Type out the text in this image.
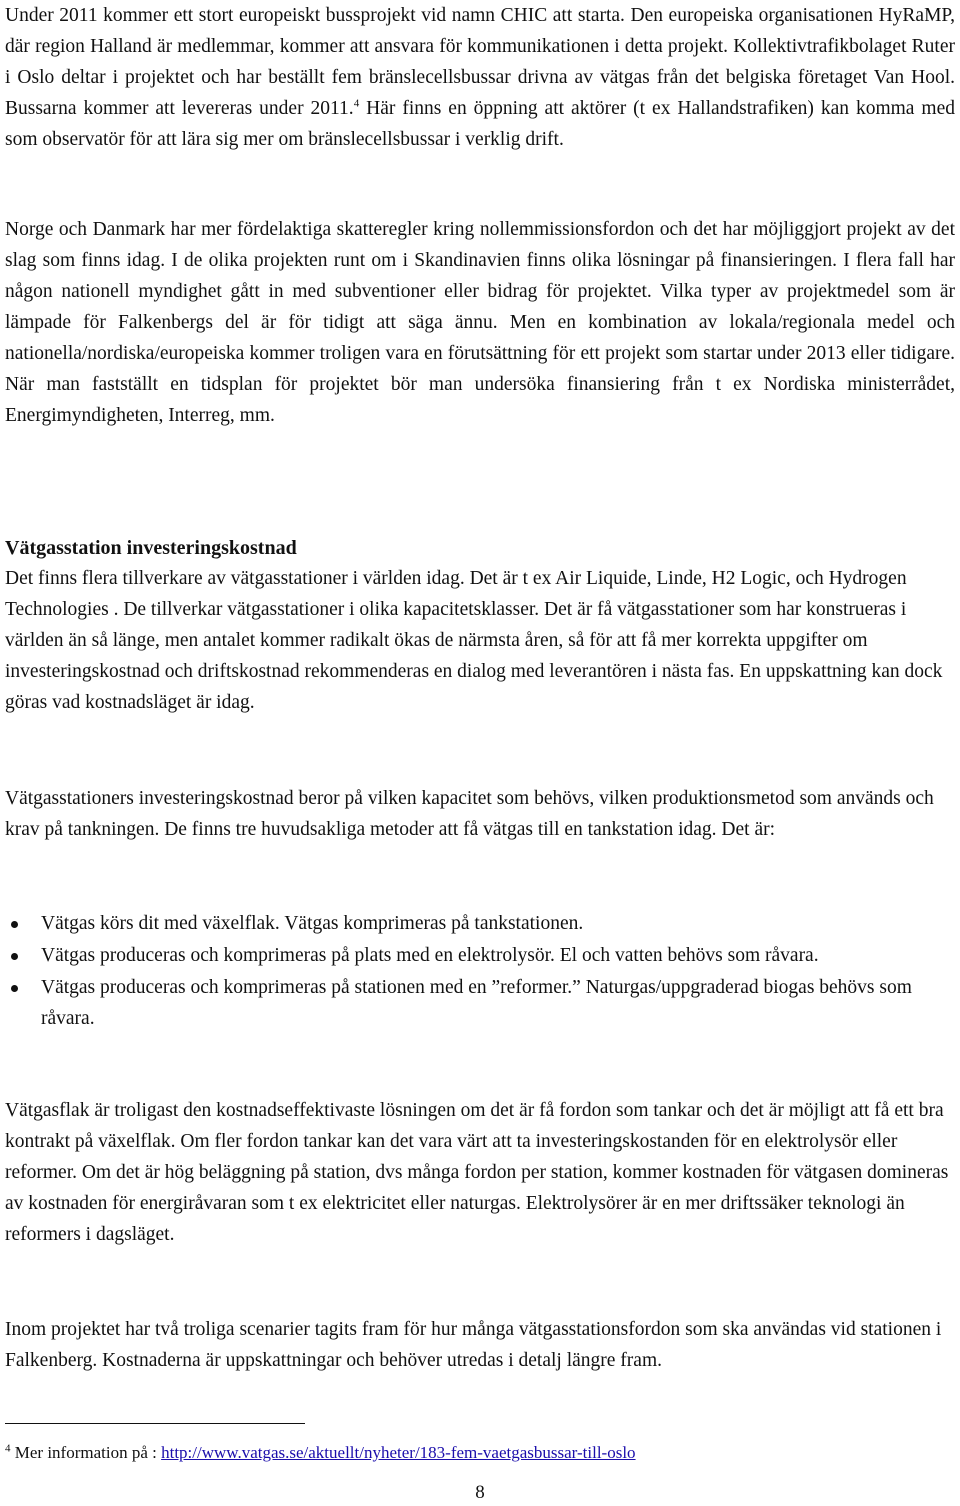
Under 2011 kommer ett stort europeiskt bussprojekt vid namn CHIC att starta. Den europeiska organisationen HyRaMP, där region Halland är medlemmar, kommer att ansvara för kommunikationen i detta projekt. Kollektivtrafikbolaget Ruter i Oslo deltar i projektet och har beställt fem bränslecellsbussar drivna av vätgas från det belgiska företaget Van Hool. Bussarna kommer att levereras under 2011.$^4$ Här finns en öppning att aktörer (t ex Hallandstrafiken) kan komma med som observatör för att lära sig mer om bränslecellsbussar i verklig drift.

Norge och Danmark har mer fördelaktiga skatteregler kring nollemmissionsfordon och det har möjliggjort projekt av det slag som finns idag. I de olika projekten runt om i Skandinavien finns olika lösningar på finansieringen. I flera fall har någon nationell myndighet gått in med subventioner eller bidrag för projektet. Vilka typer av projektmedel som är lämpade för Falkenbergs del är för tidigt att säga ännu. Men en kombination av lokala/regionala medel och nationella/nordiska/europeiska kommer troligen vara en förutsättning för ett projekt som startar under 2013 eller tidigare. När man fastställt en tidsplan för projektet bör man undersöka finansiering från t ex Nordiska ministerrådet, Energimyndigheten, Interreg, mm.

Vätgasstation investeringskostnad

Det finns flera tillverkare av vätgasstationer i världen idag. Det är t ex Air Liquide, Linde, H2 Logic, och Hydrogen Technologies . De tillverkar vätgasstationer i olika kapacitetsklasser. Det är få vätgasstationer som har konstrueras i världen än så länge, men antalet kommer radikalt ökas de närmsta åren, så för att få mer korrekta uppgifter om investeringskostnad och driftskostnad rekommenderas en dialog med leverantören i nästa fas. En uppskattning kan dock göras vad kostnadsläget är idag.

Vätgasstationers investeringskostnad beror på vilken kapacitet som behövs, vilken produktionsmetod som används och krav på tankningen. De finns tre huvudsakliga metoder att få vätgas till en tankstation idag. Det är:

Vätgas körs dit med växelflak. Vätgas komprimeras på tankstationen.
Vätgas produceras och komprimeras på plats med en elektrolysör. El och vatten behövs som råvara.
Vätgas produceras och komprimeras på stationen med en ”reformer.” Naturgas/uppgraderad biogas behövs som råvara.

Vätgasflak är troligast den kostnadseffektivaste lösningen om det är få fordon som tankar och det är möjligt att få ett bra kontrakt på växelflak. Om fler fordon tankar kan det vara värt att ta investeringskostanden för en elektrolysör eller reformer. Om det är hög beläggning på station, dvs många fordon per station, kommer kostnaden för vätgasen domineras av kostnaden för energiråvaran som t ex elektricitet eller naturgas. Elektrolysörer är en mer driftssäker teknologi än reformers i dagsläget.

Inom projektet har två troliga scenarier tagits fram för hur många vätgasstationsfordon som ska användas vid stationen i Falkenberg. Kostnaderna är uppskattningar och behöver utredas i detalj längre fram.

$^4$ Mer information på : http://www.vatgas.se/aktuellt/nyheter/183-fem-vaetgasbussar-till-oslo

8
